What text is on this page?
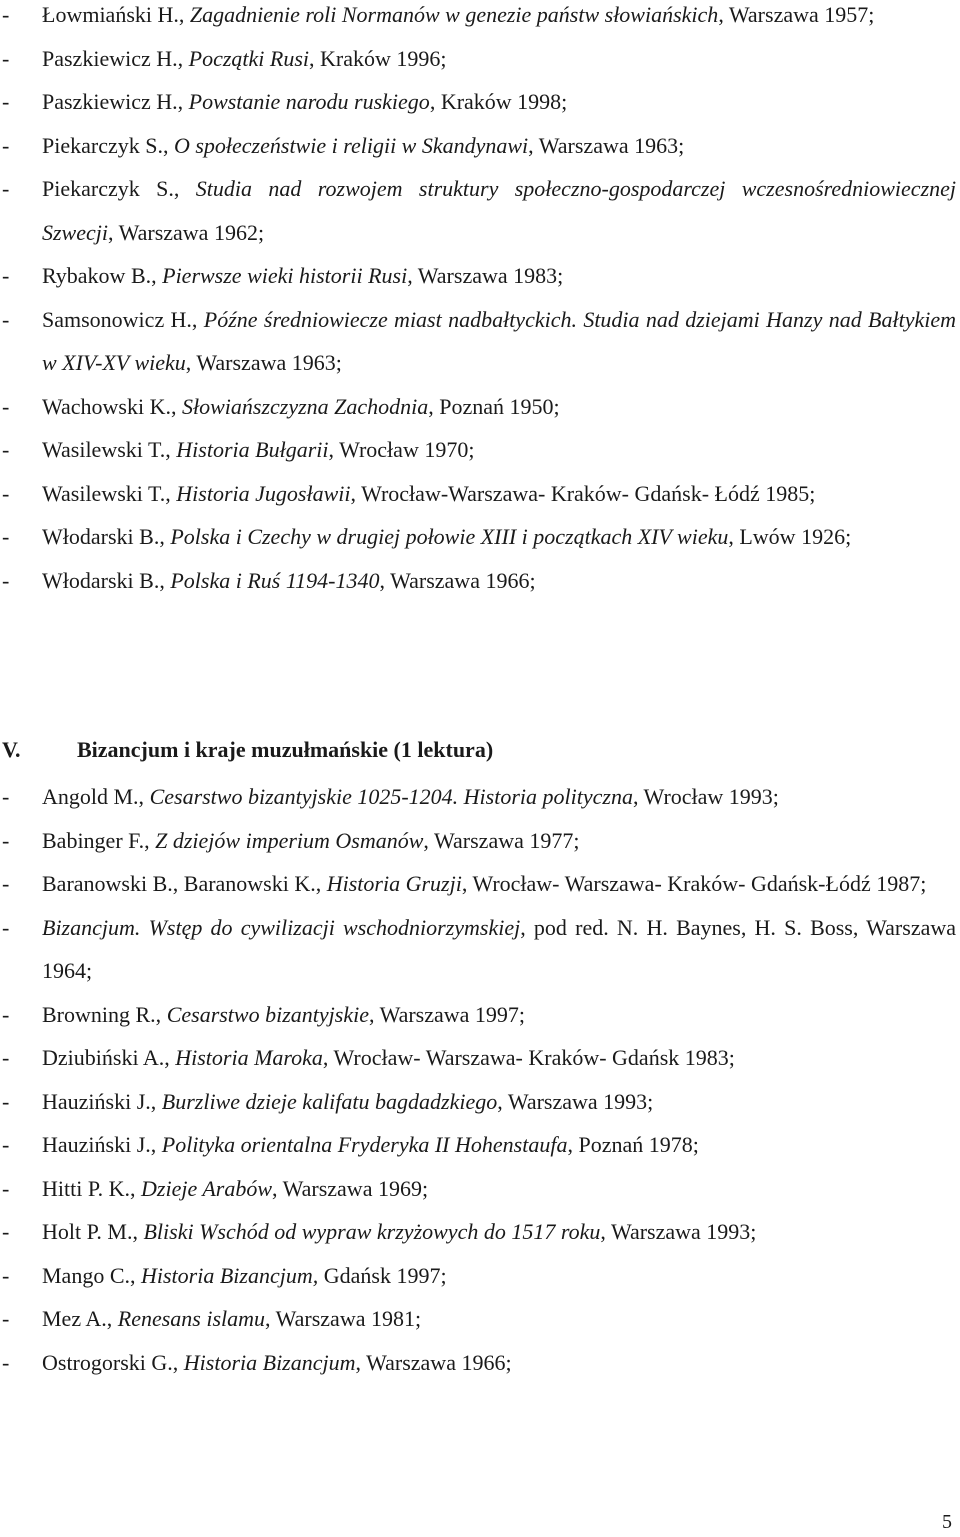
- Łowmiański H., Zagadnienie roli Normanów w genezie państw słowiańskich, Warszawa 1957;
- Paszkiewicz H., Początki Rusi, Kraków 1996;
- Paszkiewicz H., Powstanie narodu ruskiego, Kraków 1998;
- Piekarczyk S., O społeczeństwie i religii w Skandynawi, Warszawa 1963;
- Piekarczyk S., Studia nad rozwojem struktury społeczno-gospodarczej wczesnośredniowiecznej Szwecji, Warszawa 1962;
- Rybakow B., Pierwsze wieki historii Rusi, Warszawa 1983;
- Samsonowicz H., Późne średniowiecze miast nadbałtyckich. Studia nad dziejami Hanzy nad Bałtykiem w XIV-XV wieku, Warszawa 1963;
- Wachowski K., Słowiańszczyzna Zachodnia, Poznań 1950;
- Wasilewski T., Historia Bułgarii, Wrocław 1970;
- Wasilewski T., Historia Jugosławii, Wrocław-Warszawa- Kraków- Gdańsk- Łódź 1985;
- Włodarski B., Polska i Czechy w drugiej połowie XIII i początkach XIV wieku, Lwów 1926;
- Włodarski B., Polska i Ruś 1194-1340, Warszawa 1966;
V.	Bizancjum i kraje muzułmańskie (1 lektura)
- Angold M., Cesarstwo bizantyjskie 1025-1204. Historia polityczna, Wrocław 1993;
- Babinger F., Z dziejów imperium Osmanów, Warszawa 1977;
- Baranowski B., Baranowski K., Historia Gruzji, Wrocław- Warszawa- Kraków- Gdańsk-Łódź 1987;
- Bizancjum. Wstęp do cywilizacji wschodniorzymskiej, pod red. N. H. Baynes, H. S. Boss, Warszawa 1964;
- Browning R., Cesarstwo bizantyjskie, Warszawa 1997;
- Dziubiński A., Historia Maroka, Wrocław- Warszawa- Kraków- Gdańsk 1983;
- Hauziński J., Burzliwe dzieje kalifatu bagdadzkiego, Warszawa 1993;
- Hauziński J., Polityka orientalna Fryderyka II Hohenstaufa, Poznań 1978;
- Hitti P. K., Dzieje Arabów, Warszawa 1969;
- Holt P. M., Bliski Wschód od wypraw krzyżowych do 1517 roku, Warszawa 1993;
- Mango C., Historia Bizancjum, Gdańsk 1997;
- Mez A., Renesans islamu, Warszawa 1981;
- Ostrogorski G., Historia Bizancjum, Warszawa 1966;
5
